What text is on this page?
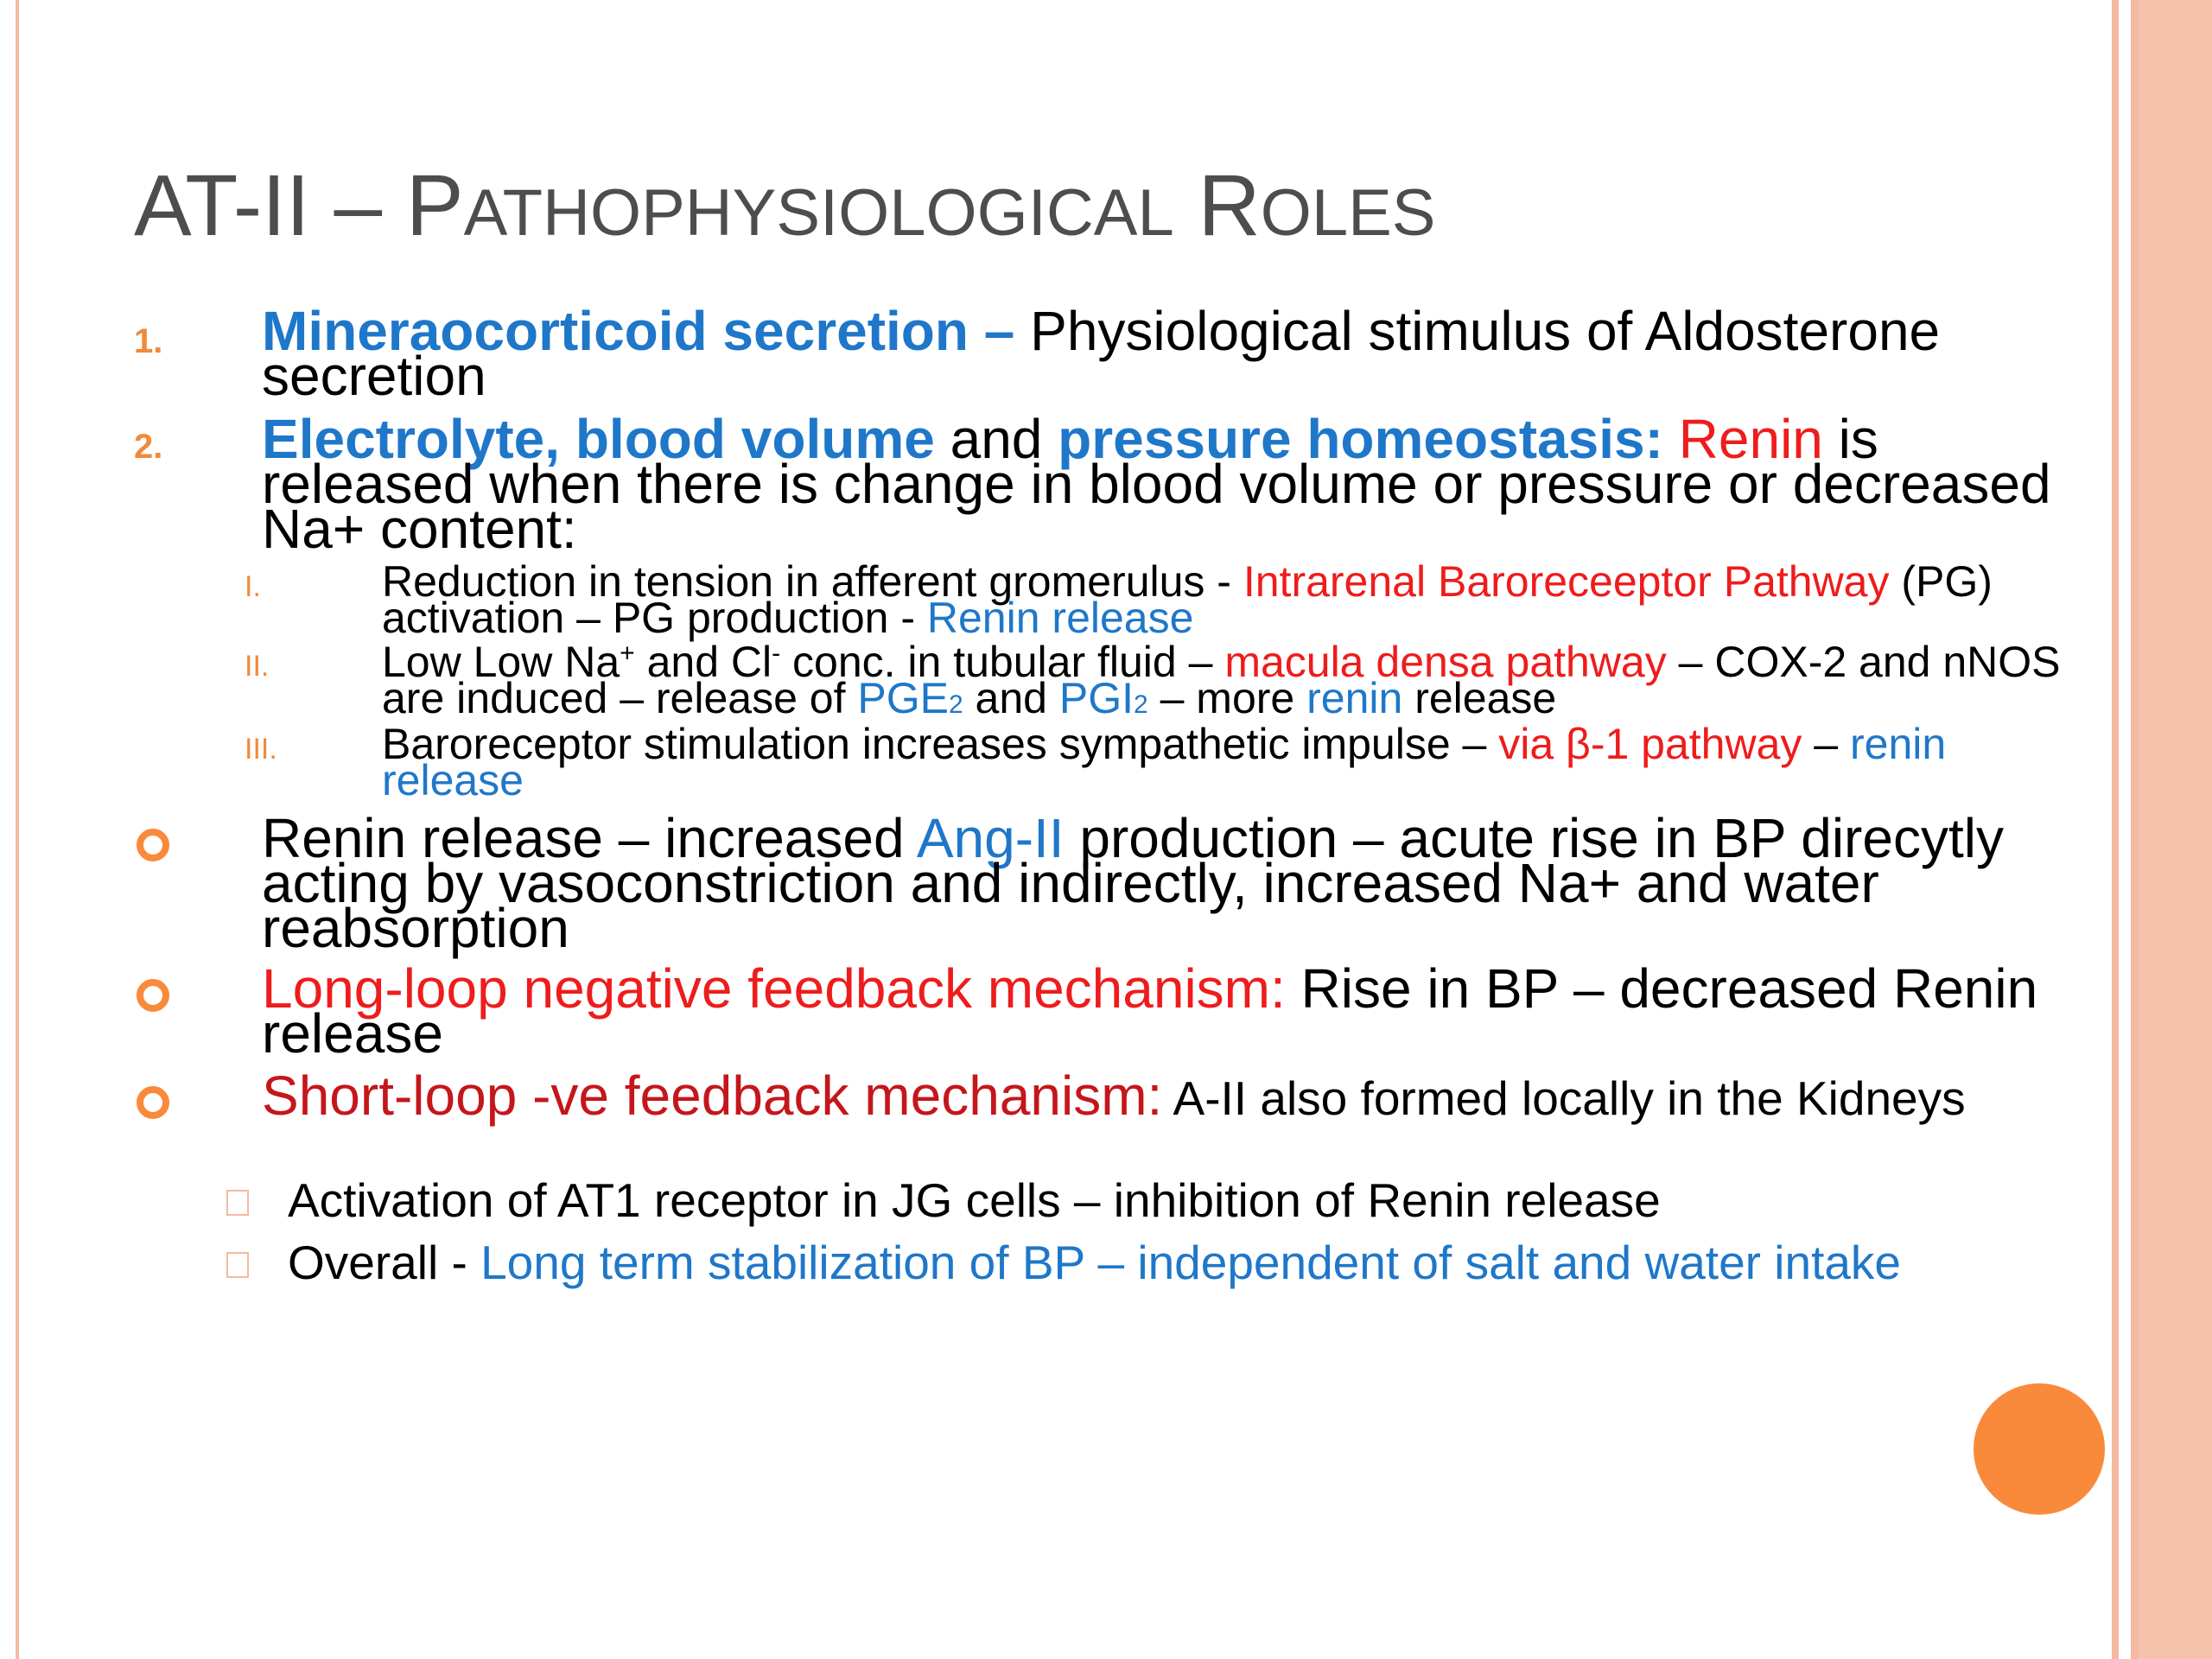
AT-II – PATHOPHYSIOLOGICAL ROLES
1. Mineraocorticoid secretion – Physiological stimulus of Aldosterone secretion
2. Electrolyte, blood volume and pressure homeostasis: Renin is released when there is change in blood volume or pressure or decreased Na+ content:
I.	Reduction in tension in afferent gromerulus - Intrarenal Baroreceeptor Pathway (PG) activation – PG production - Renin release
II.	Low Low Na+ and Cl- conc. in tubular fluid – macula densa pathway – COX-2 and nNOS are induced – release of PGE2 and PGI2 – more renin release
III. Baroreceptor stimulation increases sympathetic impulse – via β-1 pathway – renin release
Renin release – increased Ang-II production – acute rise in BP direcytly acting by vasoconstriction and indirectly, increased Na+ and water reabsorption
Long-loop negative feedback mechanism: Rise in BP – decreased Renin release
Short-loop -ve feedback mechanism: A-II also formed locally in the Kidneys
Activation of AT1 receptor in JG cells – inhibition of Renin release
Overall - Long term stabilization of BP – independent of salt and water intake
